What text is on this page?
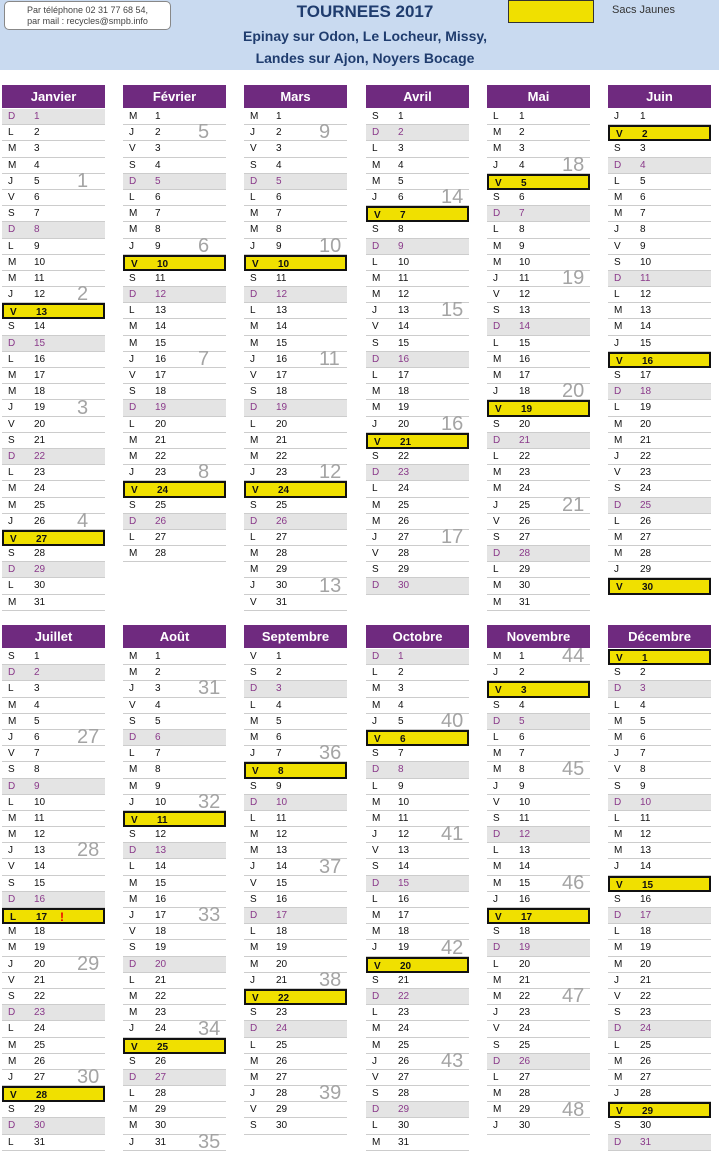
Par téléphone 02 31 77 68 54,
par mail : recycles@smpb.info	TOURNEES 2017
Epinay sur Odon, Le Locheur, Missy,
Landes sur Ajon, Noyers Bocage
Sacs Jaunes
Janvier
D 1
L 2
M 3
M 4
J 5
V 6
S 7
D 8
L 9
M 10
M 11
J 12
V 13
S 14
D 15
L 16
M 17
M 18
J 19
V 20
S 21
D 22
L 23
M 24
M 25
J 26
V 27
S 28
D 29
L 30
M 31
1
2
3
4
Février
M 1
J 2
V 3
S 4
D 5
L 6
M 7
M 8
J 9
V 10
S 11
D 12
L 13
M 14
M 15
J 16
V 17
S 18
D 19
L 20
M 21
M 22
J 23
V 24
S 25
D 26
L 27
M 28
5
6
7
8
Mars
M 1
J 2
V 3
S 4
D 5
L 6
M 7
M 8
J 9
V 10
S 11
D 12
L 13
M 14
M 15
J 16
V 17
S 18
D 19
L 20
M 21
M 22
J 23
V 24
S 25
D 26
L 27
M 28
M 29
J 30
V 31
9
10
11
12
13
Avril
S 1
D 2
L 3
M 4
M 5
J 6
V 7
S 8
D 9
L 10
M 11
M 12
J 13
V 14
S 15
D 16
L 17
M 18
M 19
J 20
V 21
S 22
D 23
L 24
M 25
M 26
J 27
V 28
S 29
D 30
14
15
16
17
Mai
L 1
M 2
M 3
J 4
V 5
S 6
D 7
L 8
M 9
M 10
J 11
V 12
S 13
D 14
L 15
M 16
M 17
J 18
V 19
S 20
D 21
L 22
M 23
M 24
J 25
V 26
S 27
D 28
L 29
M 30
M 31
18
19
20
21
Juin
J 1
V 2
S 3
D 4
L 5
M 6
M 7
J 8
V 9
S 10
D 11
L 12
M 13
M 14
J 15
V 16
S 17
D 18
L 19
M 20
M 21
J 22
V 23
S 24
D 25
L 26
M 27
M 28
J 29
V 30
Juillet
S 1
D 2
L 3
M 4
M 5
J 6
V 7
S 8
D 9
L 10
M 11
M 12
J 13
V 14
S 15
D 16
L 17 !
M 18
M 19
J 20
V 21
S 22
D 23
L 24
M 25
M 26
J 27
V 28
S 29
D 30
L 31
27
28
29
30
Août
M 1
M 2
J 3
V 4
S 5
D 6
L 7
M 8
M 9
J 10
V 11
S 12
D 13
L 14
M 15
M 16
J 17
V 18
S 19
D 20
L 21
M 22
M 23
J 24
V 25
S 26
D 27
L 28
M 29
M 30
J 31
31
32
33
34
35
Septembre
V 1
S 2
D 3
L 4
M 5
M 6
J 7
V 8
S 9
D 10
L 11
M 12
M 13
J 14
V 15
S 16
D 17
L 18
M 19
M 20
J 21
V 22
S 23
D 24
L 25
M 26
M 27
J 28
V 29
S 30
36
37
38
39
Octobre
D 1
L 2
M 3
M 4
J 5
V 6
S 7
D 8
L 9
M 10
M 11
J 12
V 13
S 14
D 15
L 16
M 17
M 18
J 19
V 20
S 21
D 22
L 23
M 24
M 25
J 26
V 27
S 28
D 29
L 30
M 31
40
41
42
43
Novembre
M 1
J 2
V 3
S 4
D 5
L 6
M 7
M 8
J 9
V 10
S 11
D 12
L 13
M 14
M 15
J 16
V 17
S 18
D 19
L 20
M 21
M 22
J 23
V 24
S 25
D 26
L 27
M 28
M 29
J 30
44
45
46
47
48
Décembre
V 1
S 2
D 3
L 4
M 5
M 6
J 7
V 8
S 9
D 10
L 11
M 12
M 13
J 14
V 15
S 16
D 17
L 18
M 19
M 20
J 21
V 22
S 23
D 24
L 25
M 26
M 27
J 28
V 29
S 30
D 31
